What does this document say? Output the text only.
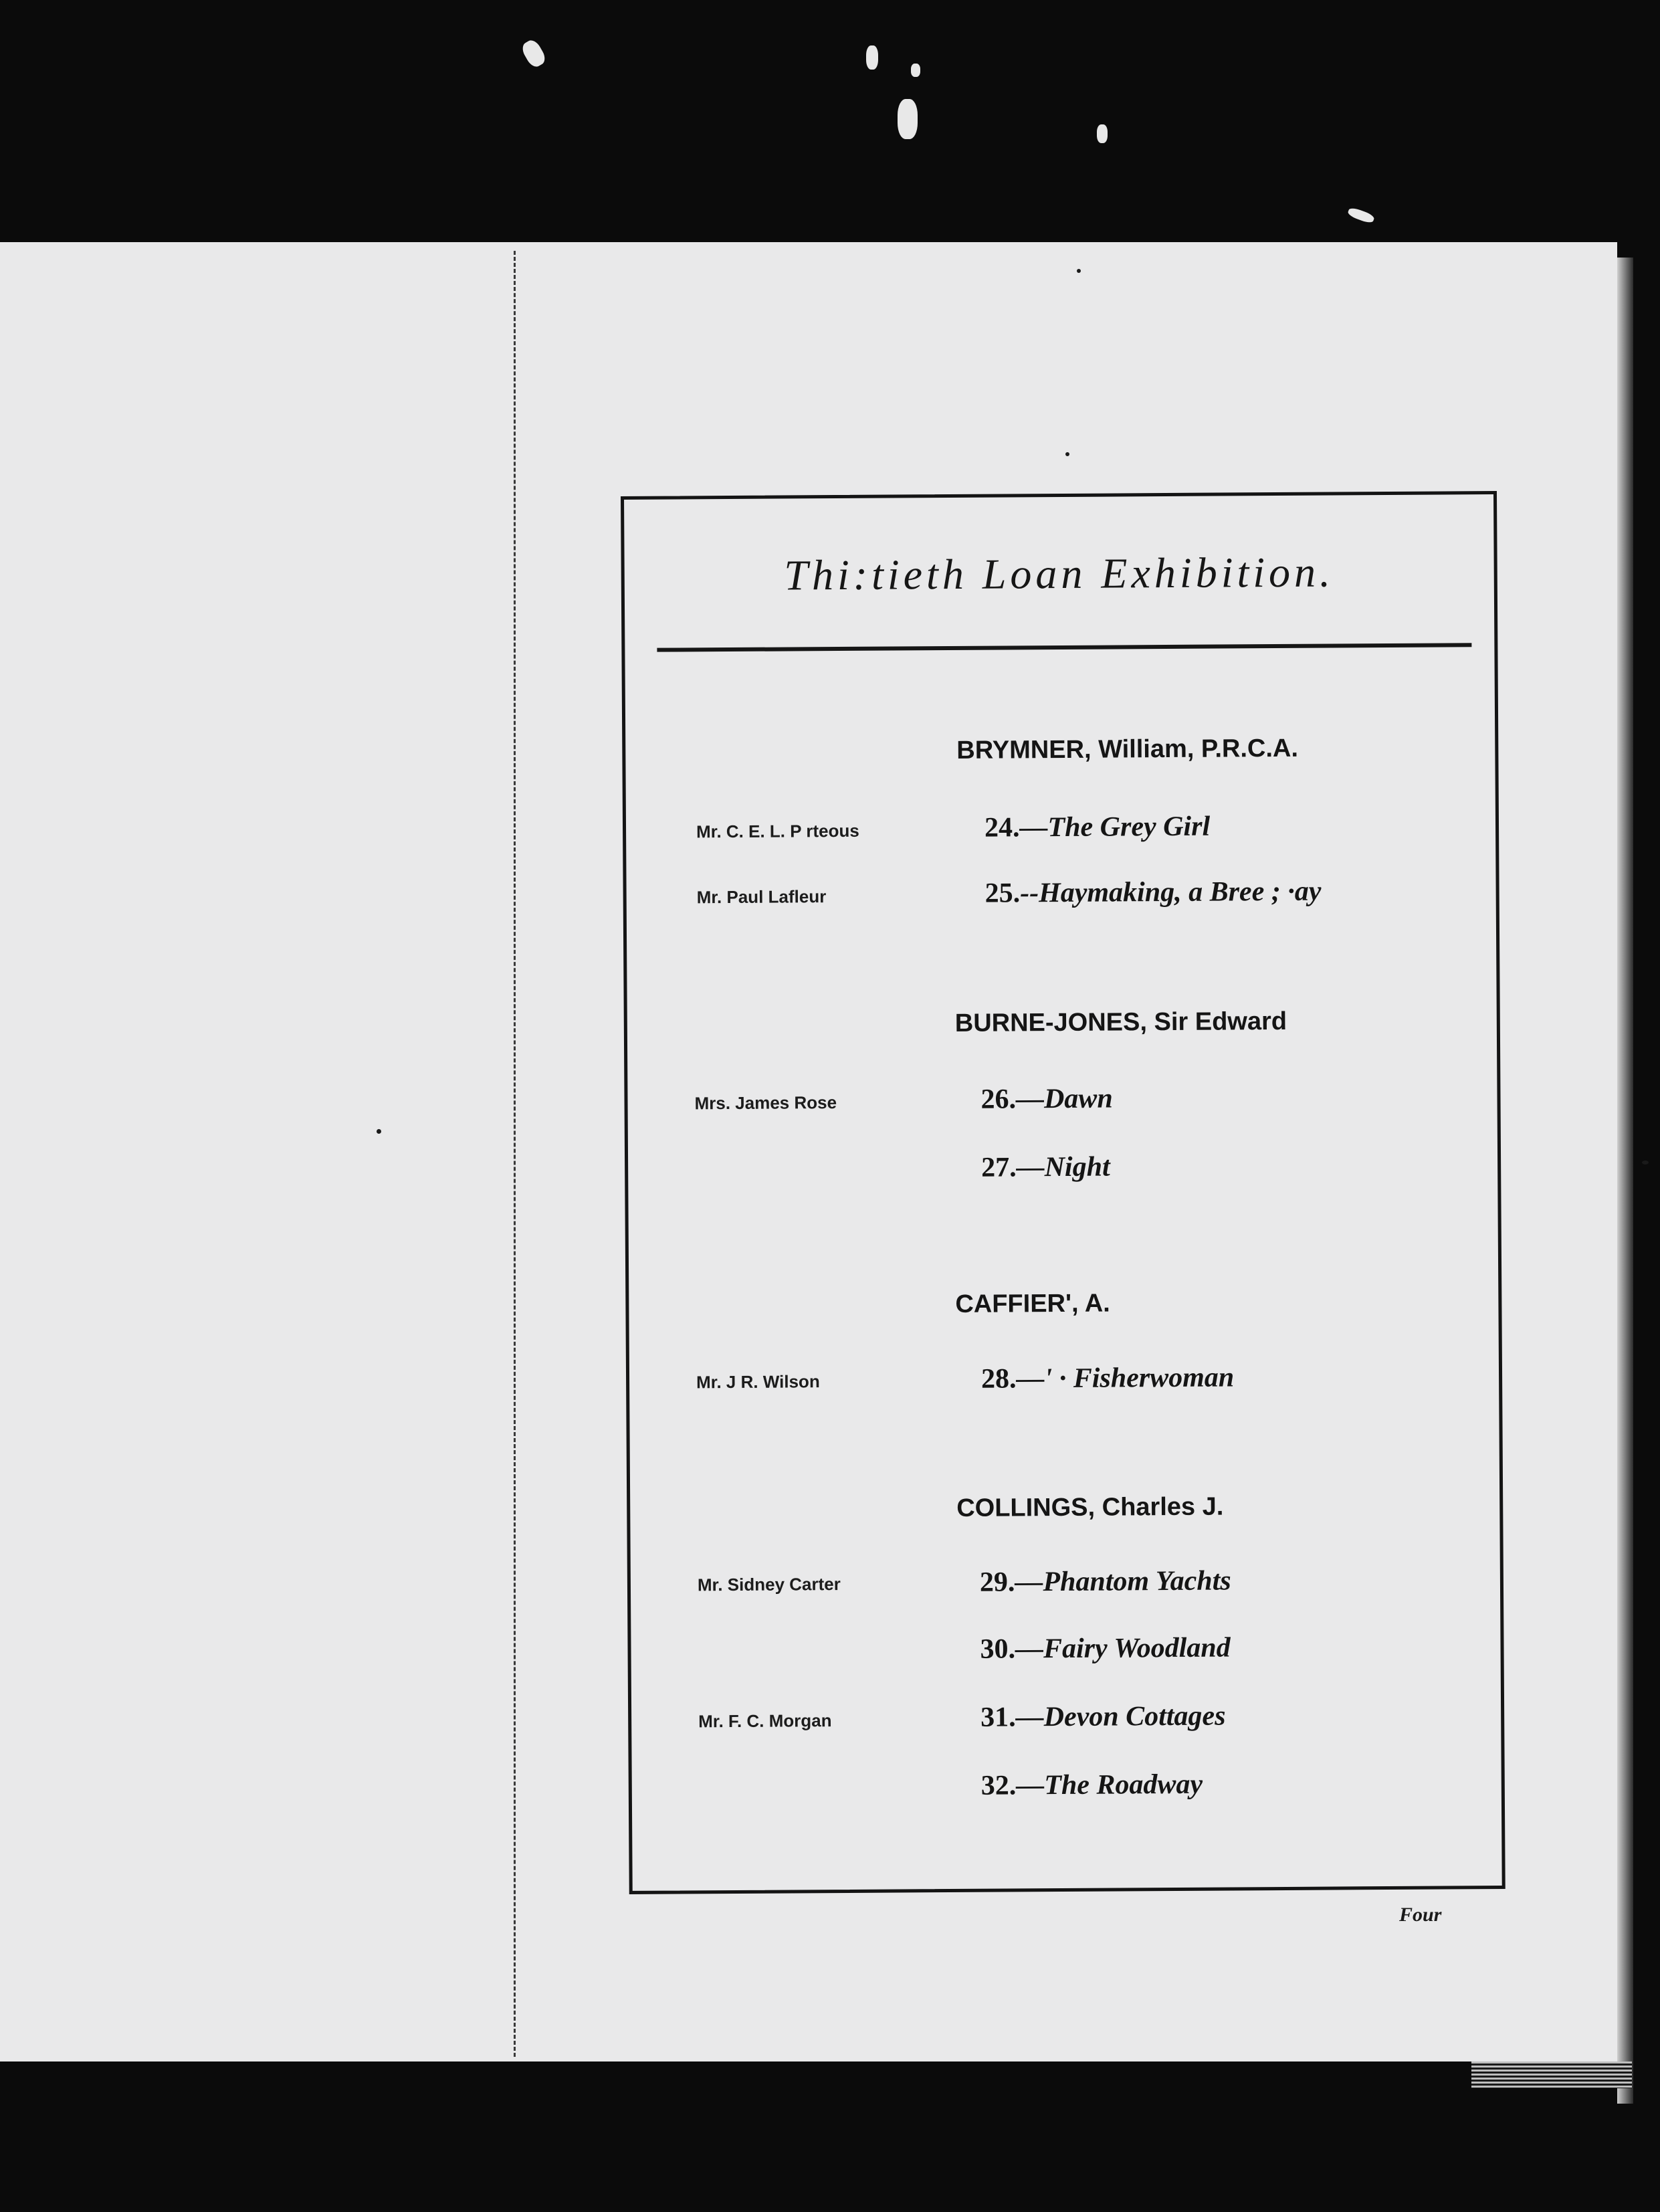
Thi:tieth Loan Exhibition.
BRYMNER, William, P.R.C.A.
Mr. C. E. L. P rteous	24.—The Grey Girl
Mr. Paul Lafleur	25.--Haymaking, a Bree ; ·ay
BURNE-JONES, Sir Edward
Mrs. James Rose	26.—Dawn
27.—Night
CAFFIER', A.
Mr. J R. Wilson	28.—' · Fisherwoman
COLLINGS, Charles J.
Mr. Sidney Carter	29.—Phantom Yachts
30.—Fairy Woodland
Mr. F. C. Morgan	31.—Devon Cottages
32.—The Roadway
Four
